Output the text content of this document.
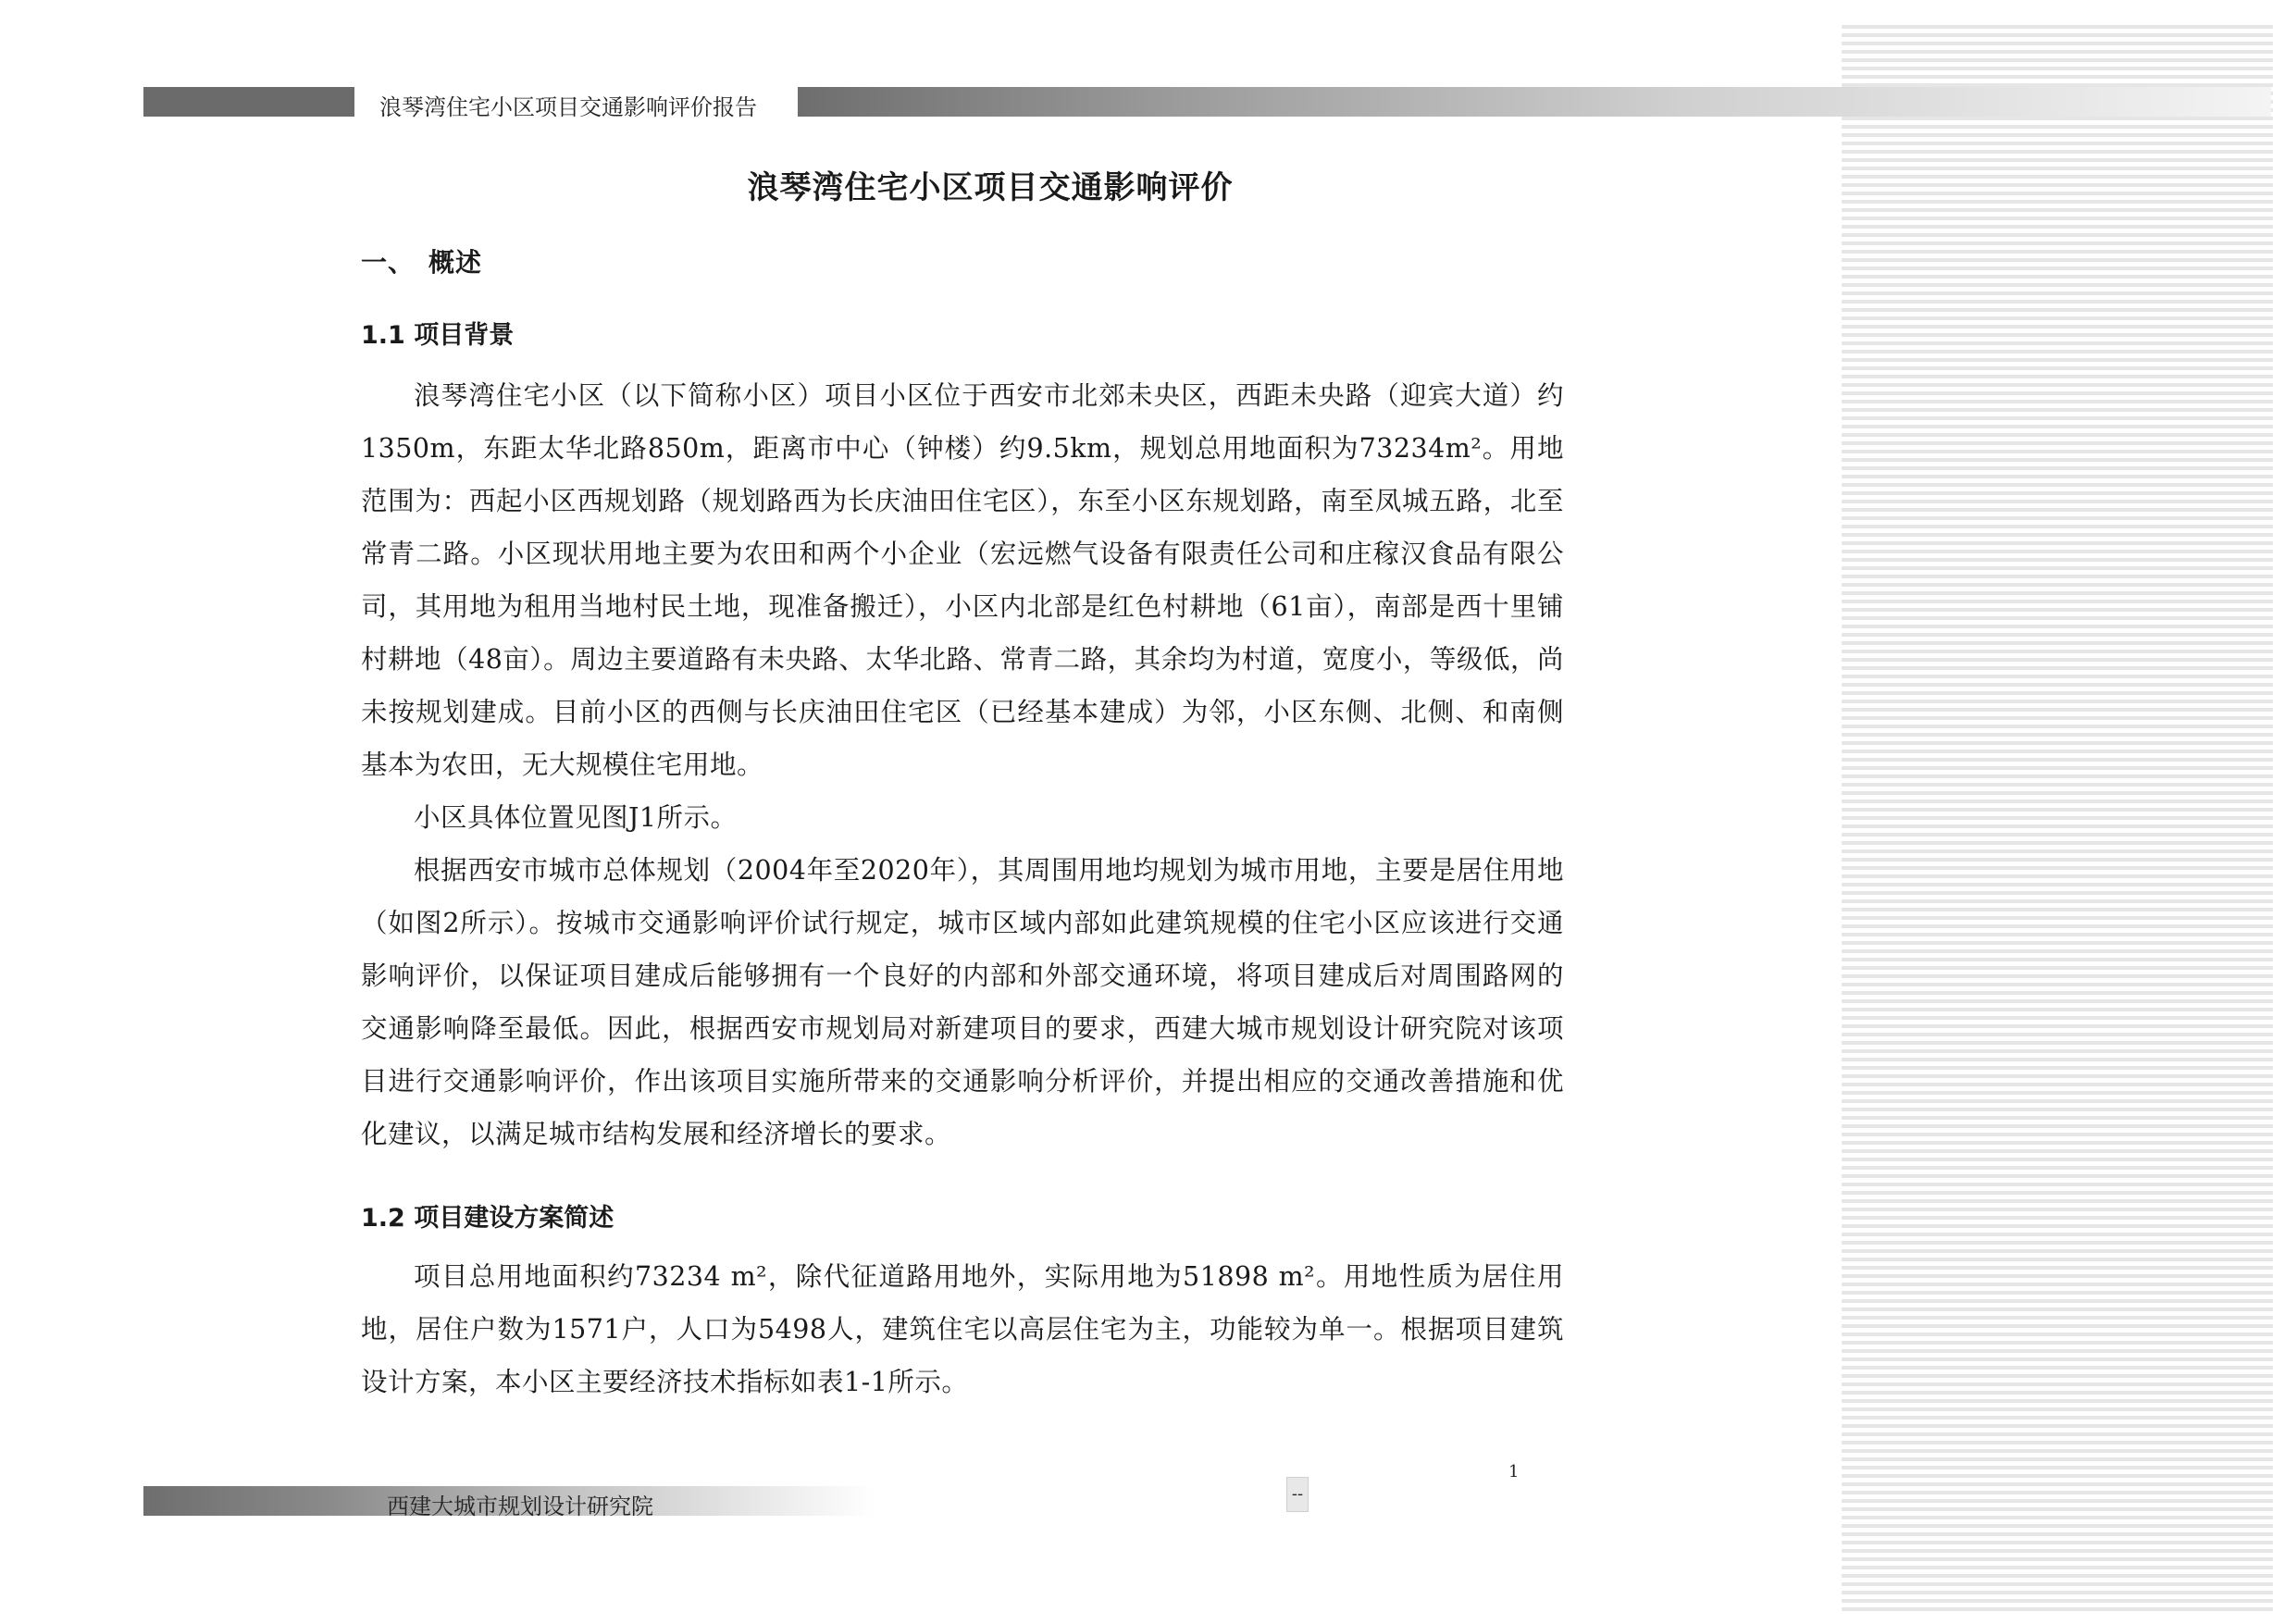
浪琴湾住宅小区项目交通影响评价报告
浪琴湾住宅小区项目交通影响评价
一、　概述
1.1 项目背景

浪琴湾住宅小区（以下简称小区）项目小区位于西安市北郊未央区，西距未央路（迎宾大道）约1350m，东距太华北路850m，距离市中心（钟楼）约9.5km，规划总用地面积为73234m²。用地范围为：西起小区西规划路（规划路西为长庆油田住宅区），东至小区东规划路，南至凤城五路，北至常青二路。小区现状用地主要为农田和两个小企业（宏远燃气设备有限责任公司和庄稼汉食品有限公司，其用地为租用当地村民土地，现准备搬迁），小区内北部是红色村耕地（61亩），南部是西十里铺村耕地（48亩）。周边主要道路有未央路、太华北路、常青二路，其余均为村道，宽度小，等级低，尚未按规划建成。目前小区的西侧与长庆油田住宅区（已经基本建成）为邻，小区东侧、北侧、和南侧基本为农田，无大规模住宅用地。

小区具体位置见图J1所示。

根据西安市城市总体规划（2004年至2020年），其周围用地均规划为城市用地，主要是居住用地（如图2所示）。按城市交通影响评价试行规定，城市区域内部如此建筑规模的住宅小区应该进行交通影响评价，以保证项目建成后能够拥有一个良好的内部和外部交通环境，将项目建成后对周围路网的交通影响降至最低。因此，根据西安市规划局对新建项目的要求，西建大城市规划设计研究院对该项目进行交通影响评价，作出该项目实施所带来的交通影响分析评价，并提出相应的交通改善措施和优化建议，以满足城市结构发展和经济增长的要求。

1.2 项目建设方案简述

项目总用地面积约73234 m²，除代征道路用地外，实际用地为51898 m²。用地性质为居住用地，居住户数为1571户，人口为5498人，建筑住宅以高层住宅为主，功能较为单一。根据项目建筑设计方案，本小区主要经济技术指标如表1-1所示。

1
西建大城市规划设计研究院	--
